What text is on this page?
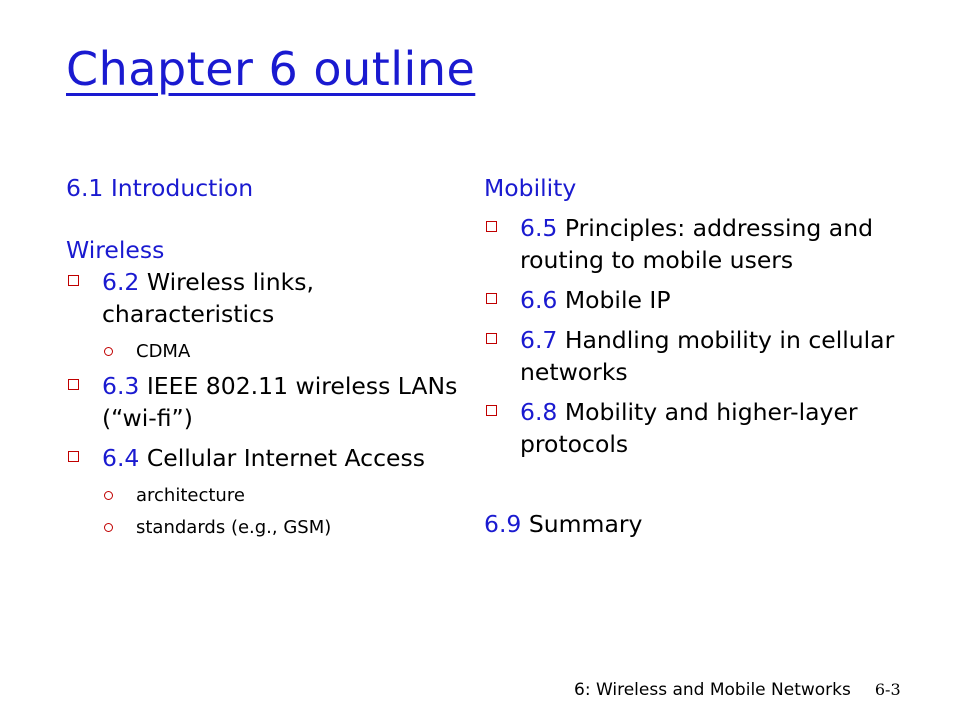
Chapter 6 outline

6.1 Introduction

Wireless

6.2 Wireless links, characteristics
CDMA
6.3 IEEE 802.11 wireless LANs (“wi-fi”)
6.4 Cellular Internet Access
architecture
standards (e.g., GSM)

Mobility

6.5 Principles: addressing and routing to mobile users
6.6 Mobile IP
6.7 Handling mobility in cellular networks
6.8 Mobility and higher-layer protocols

6.9 Summary

6: Wireless and Mobile Networks 6-3
